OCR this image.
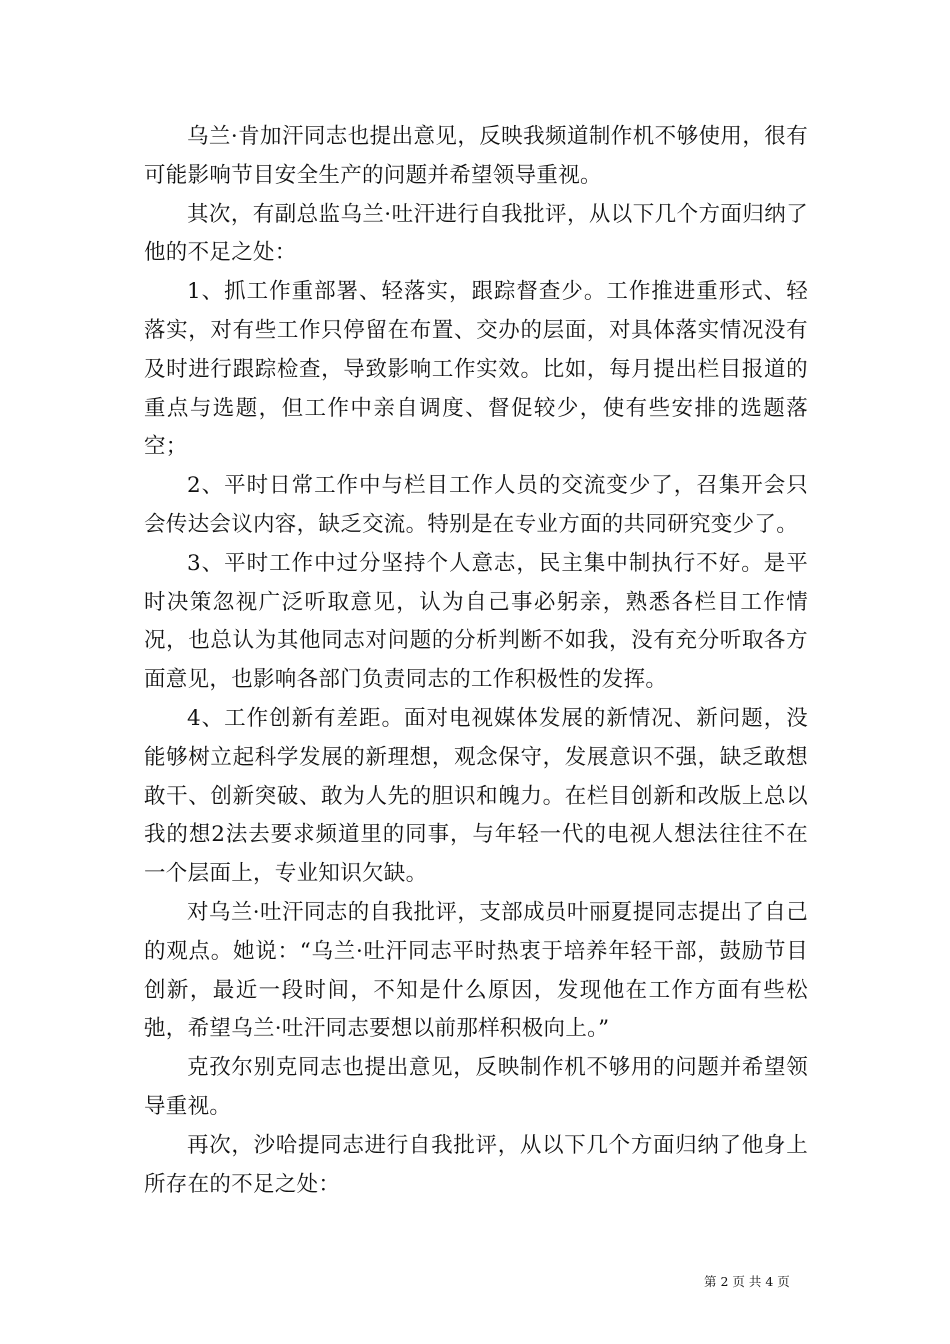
乌兰·肯加汗同志也提出意见，反映我频道制作机不够使用，很有可能影响节目安全生产的问题并希望领导重视。

其次，有副总监乌兰·吐汗进行自我批评，从以下几个方面归纳了他的不足之处：

1、抓工作重部署、轻落实，跟踪督查少。工作推进重形式、轻落实，对有些工作只停留在布置、交办的层面，对具体落实情况没有及时进行跟踪检查，导致影响工作实效。比如，每月提出栏目报道的重点与选题，但工作中亲自调度、督促较少，使有些安排的选题落空；

2、平时日常工作中与栏目工作人员的交流变少了，召集开会只会传达会议内容，缺乏交流。特别是在专业方面的共同研究变少了。

3、平时工作中过分坚持个人意志，民主集中制执行不好。是平时决策忽视广泛听取意见，认为自己事必躬亲，熟悉各栏目工作情况，也总认为其他同志对问题的分析判断不如我，没有充分听取各方面意见，也影响各部门负责同志的工作积极性的发挥。

4、工作创新有差距。面对电视媒体发展的新情况、新问题，没能够树立起科学发展的新理想，观念保守，发展意识不强，缺乏敢想敢干、创新突破、敢为人先的胆识和魄力。在栏目创新和改版上总以我的想2法去要求频道里的同事，与年轻一代的电视人想法往往不在一个层面上，专业知识欠缺。

对乌兰·吐汗同志的自我批评，支部成员叶丽夏提同志提出了自己的观点。她说：“乌兰·吐汗同志平时热衷于培养年轻干部，鼓励节目创新，最近一段时间，不知是什么原因，发现他在工作方面有些松弛，希望乌兰·吐汗同志要想以前那样积极向上。”

克孜尔别克同志也提出意见，反映制作机不够用的问题并希望领导重视。

再次，沙哈提同志进行自我批评，从以下几个方面归纳了他身上所存在的不足之处：

第 2 页 共 4 页
